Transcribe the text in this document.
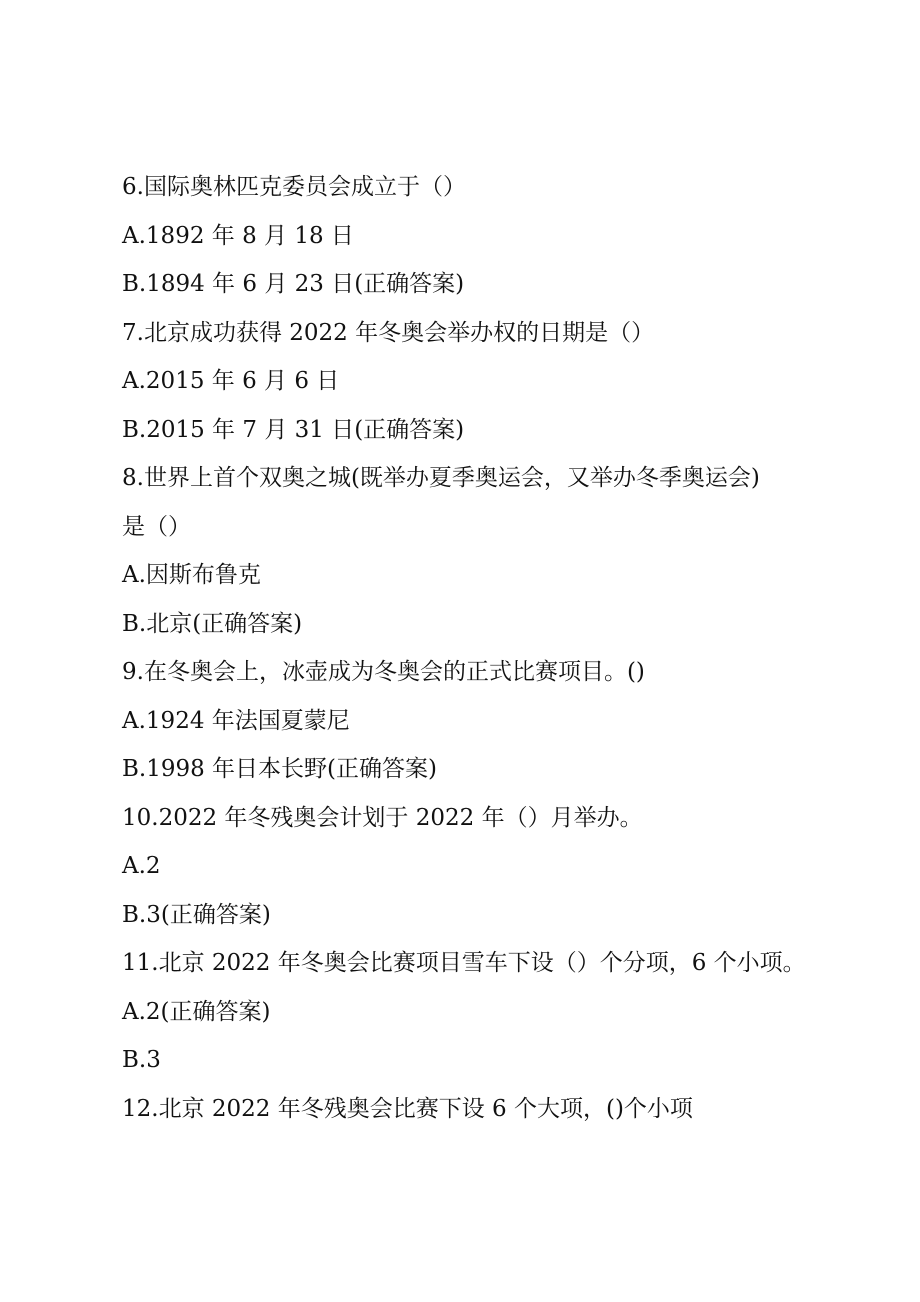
6.国际奥林匹克委员会成立于（）
A.1892 年 8 月 18 日
B.1894 年 6 月 23 日(正确答案)
7.北京成功获得 2022 年冬奥会举办权的日期是（）
A.2015 年 6 月 6 日
B.2015 年 7 月 31 日(正确答案)
8.世界上首个双奥之城(既举办夏季奥运会，又举办冬季奥运会)
是（）
A.因斯布鲁克
B.北京(正确答案)
9.在冬奥会上，冰壶成为冬奥会的正式比赛项目。()
A.1924 年法国夏蒙尼
B.1998 年日本长野(正确答案)
10.2022 年冬残奥会计划于 2022 年（）月举办。
A.2
B.3(正确答案)
11.北京 2022 年冬奥会比赛项目雪车下设（）个分项，6 个小项。
A.2(正确答案)
B.3
12.北京 2022 年冬残奥会比赛下设 6 个大项，()个小项
